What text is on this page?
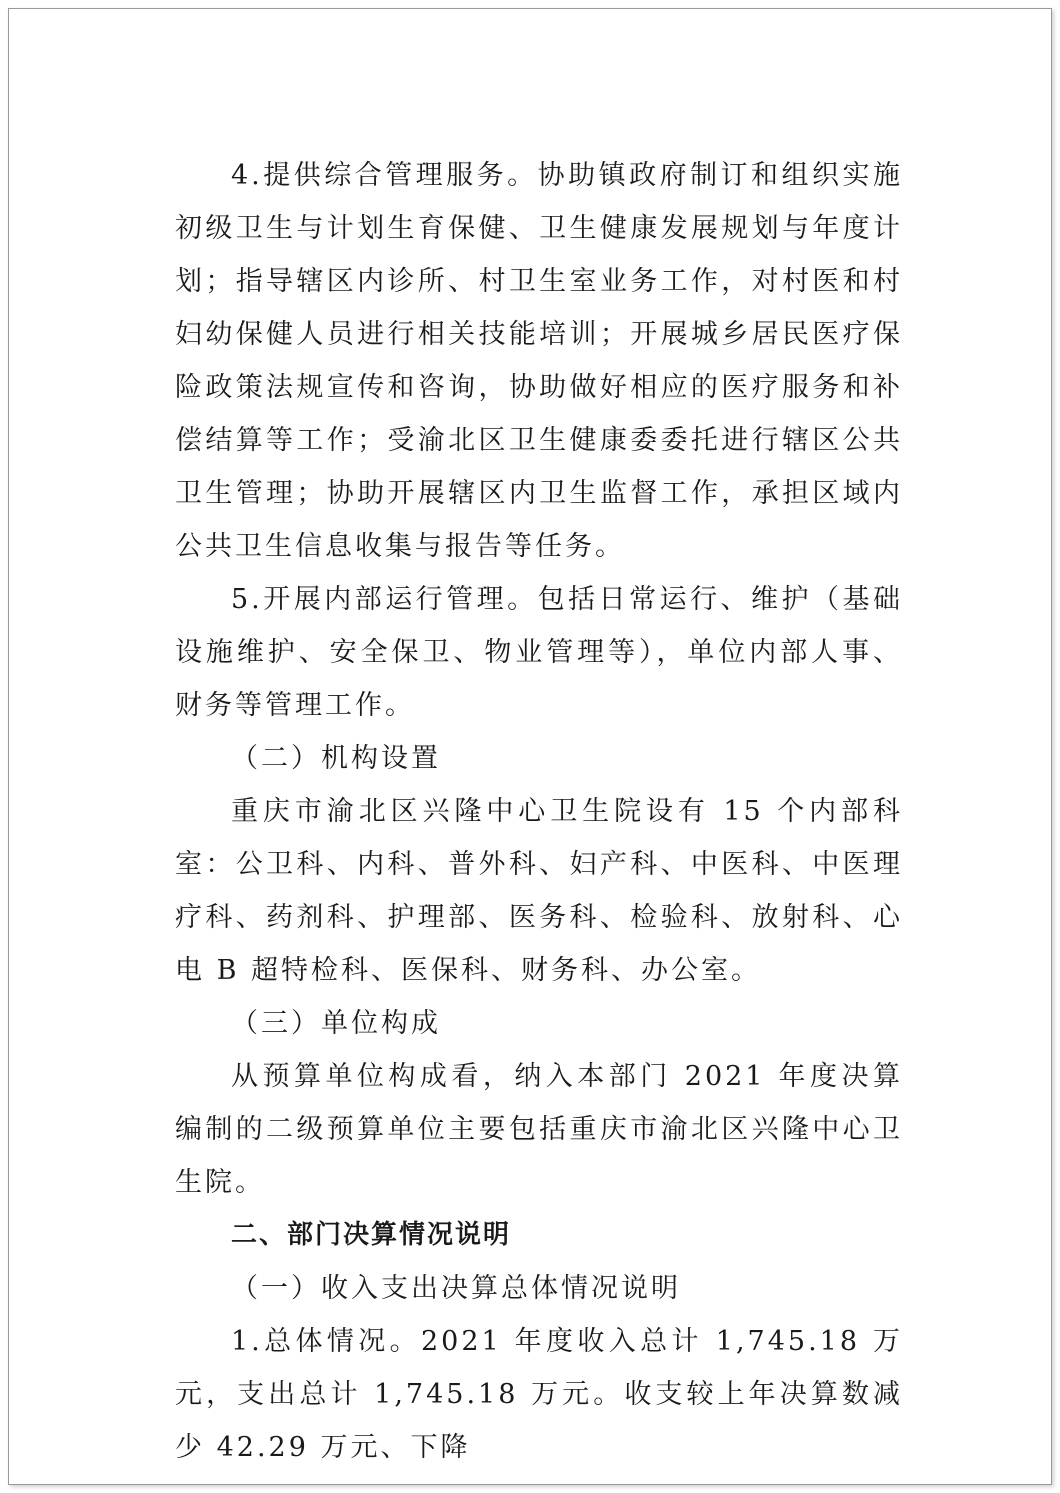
4.提供综合管理服务。协助镇政府制订和组织实施初级卫生与计划生育保健、卫生健康发展规划与年度计划；指导辖区内诊所、村卫生室业务工作，对村医和村妇幼保健人员进行相关技能培训；开展城乡居民医疗保险政策法规宣传和咨询，协助做好相应的医疗服务和补偿结算等工作；受渝北区卫生健康委委托进行辖区公共卫生管理；协助开展辖区内卫生监督工作，承担区域内公共卫生信息收集与报告等任务。

5.开展内部运行管理。包括日常运行、维护（基础设施维护、安全保卫、物业管理等），单位内部人事、财务等管理工作。

（二）机构设置

重庆市渝北区兴隆中心卫生院设有 15 个内部科室：公卫科、内科、普外科、妇产科、中医科、中医理疗科、药剂科、护理部、医务科、检验科、放射科、心电 B 超特检科、医保科、财务科、办公室。

（三）单位构成

从预算单位构成看，纳入本部门 2021 年度决算编制的二级预算单位主要包括重庆市渝北区兴隆中心卫生院。

二、部门决算情况说明

（一）收入支出决算总体情况说明

1.总体情况。2021 年度收入总计 1,745.18 万元，支出总计 1,745.18 万元。收支较上年决算数减少 42.29 万元、下降
